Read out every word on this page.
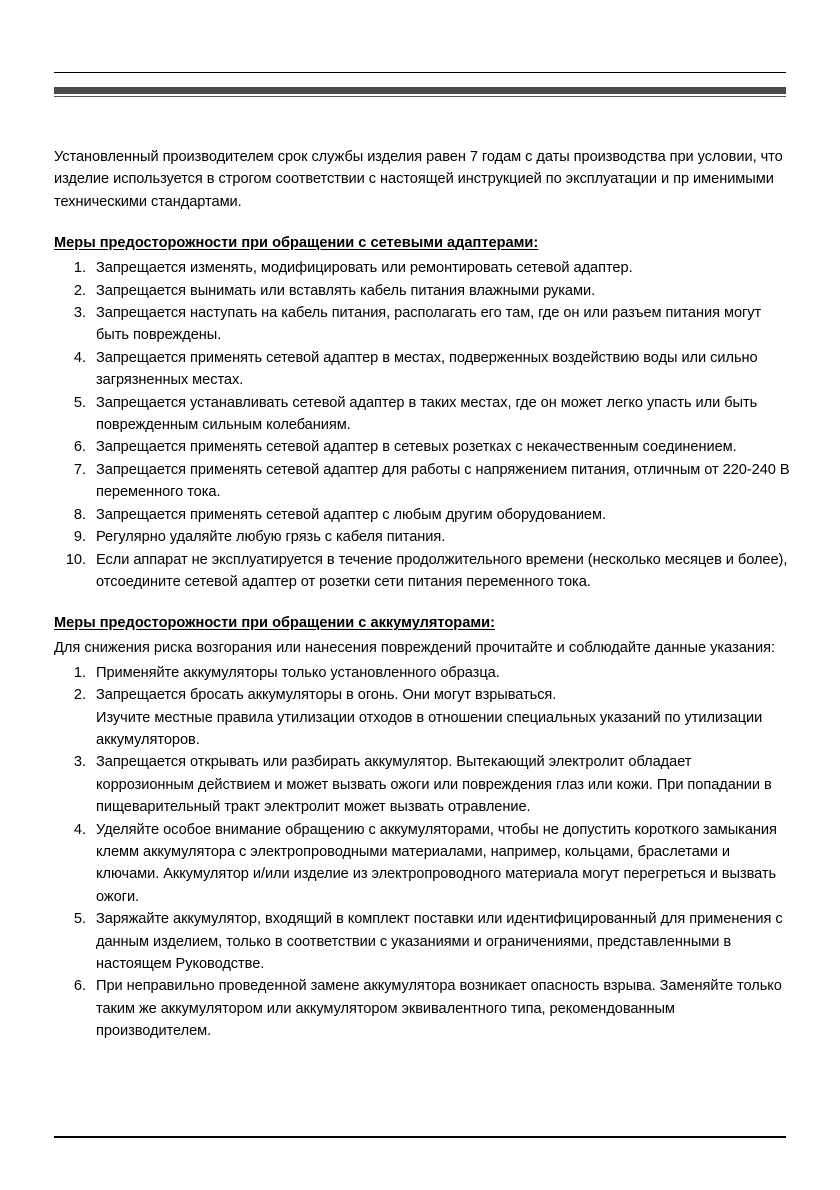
Установленный производителем срок службы изделия равен 7 годам с даты производства при условии, что изделие используется в строгом соответствии с настоящей инструкцией по эксплуатации и пр именимыми техническими стандартами.

Меры предосторожности при обращении с сетевыми адаптерами:
1. Запрещается изменять, модифицировать или ремонтировать сетевой адаптер.
2. Запрещается вынимать или вставлять кабель питания влажными руками.
3. Запрещается наступать на кабель питания, располагать его там, где он или разъем питания могут быть повреждены.
4. Запрещается применять сетевой адаптер в местах, подверженных воздействию воды или сильно загрязненных местах.
5. Запрещается устанавливать сетевой адаптер в таких местах, где он может легко упасть или быть поврежденным сильным колебаниям.
6. Запрещается применять сетевой адаптер в сетевых розетках с некачественным соединением.
7. Запрещается применять сетевой адаптер для работы с напряжением питания, отличным от 220-240 В переменного тока.
8. Запрещается применять сетевой адаптер с любым другим оборудованием.
9. Регулярно удаляйте любую грязь с кабеля питания.
10. Если аппарат не эксплуатируется в течение продолжительного времени (несколько месяцев и более), отсоедините сетевой адаптер от розетки сети питания переменного тока.
Меры предосторожности при обращении с аккумуляторами:

Для снижения риска возгорания или нанесения повреждений прочитайте и соблюдайте данные указания:

1. Применяйте аккумуляторы только установленного образца.
2. Запрещается бросать аккумуляторы в огонь. Они могут взрываться.
Изучите местные правила утилизации отходов в отношении специальных указаний по утилизации аккумуляторов.
3. Запрещается открывать или разбирать аккумулятор. Вытекающий электролит обладает коррозионным действием и может вызвать ожоги или повреждения глаз или кожи. При попадании в пищеварительный тракт электролит может вызвать отравление.
4. Уделяйте особое внимание обращению с аккумуляторами, чтобы не допустить короткого замыкания клемм аккумулятора с электропроводными материалами, например, кольцами, браслетами и ключами. Аккумулятор и/или изделие из электропроводного материала могут перегреться и вызвать ожоги.
5. Заряжайте аккумулятор, входящий в комплект поставки или идентифицированный для применения с данным изделием, только в соответствии с указаниями и ограничениями, представленными в настоящем Руководстве.
6. При неправильно проведенной замене аккумулятора возникает опасность взрыва. Заменяйте только таким же аккумулятором или аккумулятором эквивалентного типа, рекомендованным производителем.
